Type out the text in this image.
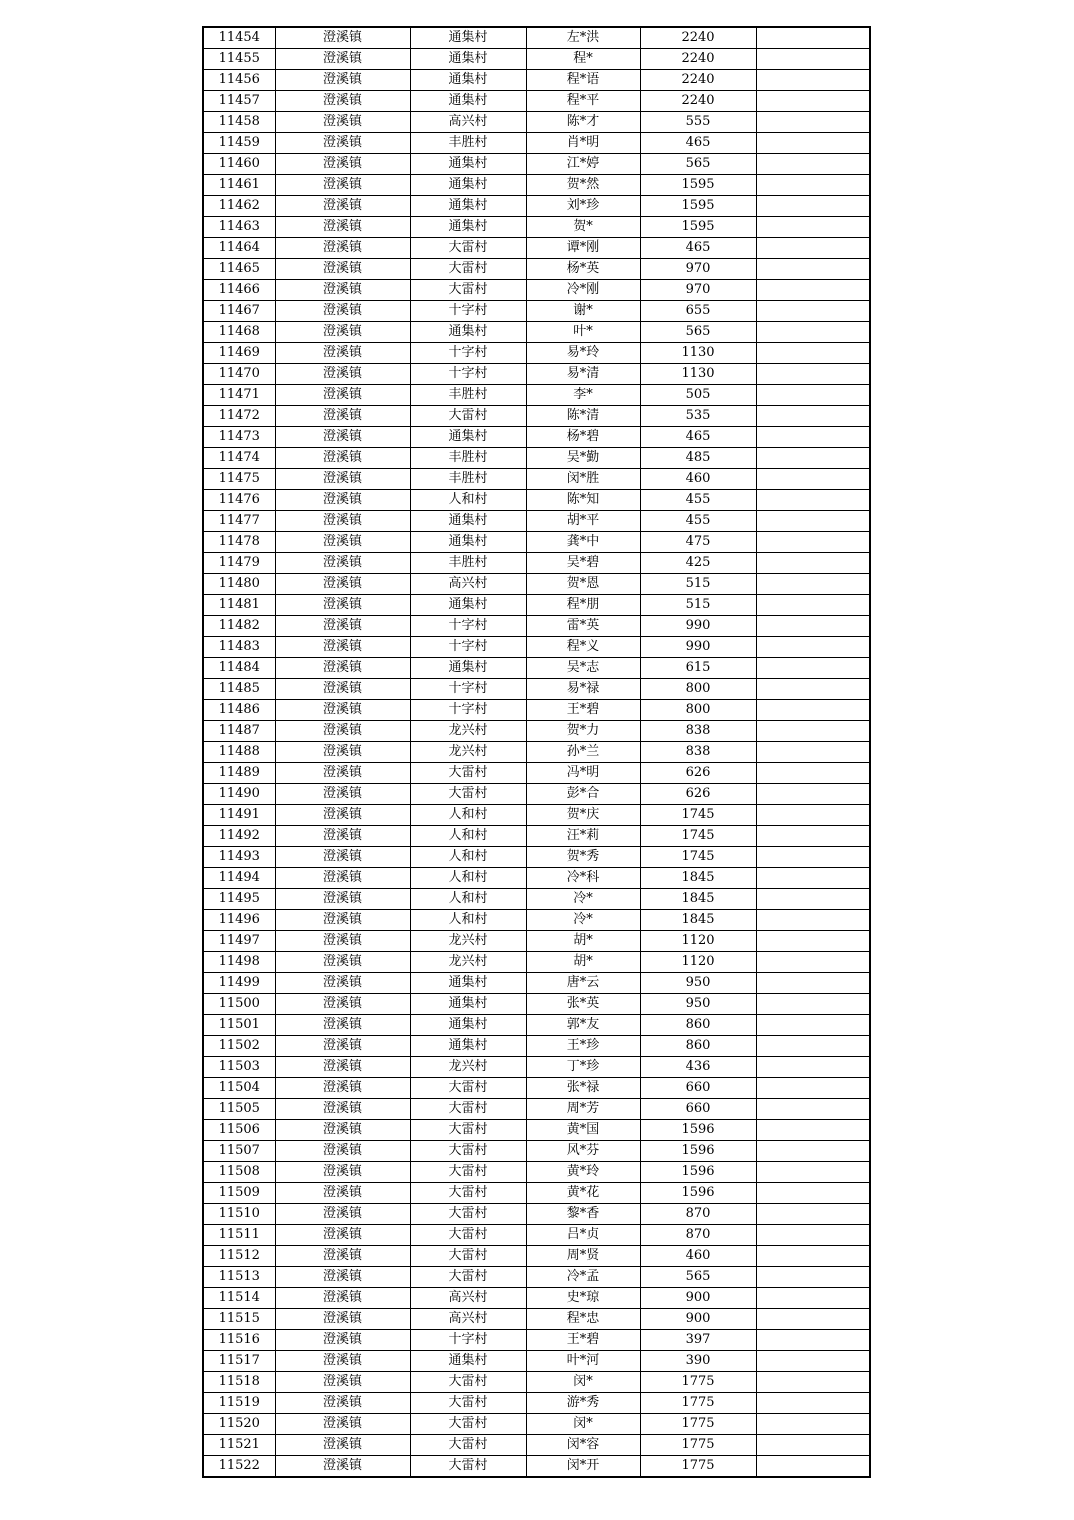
11454	澄溪镇	通集村	左*洪	2240	
11455	澄溪镇	通集村	程*	2240	
11456	澄溪镇	通集村	程*语	2240	
11457	澄溪镇	通集村	程*平	2240	
11458	澄溪镇	高兴村	陈*才	555	
11459	澄溪镇	丰胜村	肖*明	465	
11460	澄溪镇	通集村	江*婷	565	
11461	澄溪镇	通集村	贺*然	1595	
11462	澄溪镇	通集村	刘*珍	1595	
11463	澄溪镇	通集村	贺*	1595	
11464	澄溪镇	大雷村	谭*刚	465	
11465	澄溪镇	大雷村	杨*英	970	
11466	澄溪镇	大雷村	冷*刚	970	
11467	澄溪镇	十字村	谢*	655	
11468	澄溪镇	通集村	叶*	565	
11469	澄溪镇	十字村	易*玲	1130	
11470	澄溪镇	十字村	易*清	1130	
11471	澄溪镇	丰胜村	李*	505	
11472	澄溪镇	大雷村	陈*清	535	
11473	澄溪镇	通集村	杨*碧	465	
11474	澄溪镇	丰胜村	吴*勤	485	
11475	澄溪镇	丰胜村	闵*胜	460	
11476	澄溪镇	人和村	陈*知	455	
11477	澄溪镇	通集村	胡*平	455	
11478	澄溪镇	通集村	龚*中	475	
11479	澄溪镇	丰胜村	吴*碧	425	
11480	澄溪镇	高兴村	贺*恩	515	
11481	澄溪镇	通集村	程*朋	515	
11482	澄溪镇	十字村	雷*英	990	
11483	澄溪镇	十字村	程*义	990	
11484	澄溪镇	通集村	吴*志	615	
11485	澄溪镇	十字村	易*禄	800	
11486	澄溪镇	十字村	王*碧	800	
11487	澄溪镇	龙兴村	贺*力	838	
11488	澄溪镇	龙兴村	孙*兰	838	
11489	澄溪镇	大雷村	冯*明	626	
11490	澄溪镇	大雷村	彭*合	626	
11491	澄溪镇	人和村	贺*庆	1745	
11492	澄溪镇	人和村	汪*莉	1745	
11493	澄溪镇	人和村	贺*秀	1745	
11494	澄溪镇	人和村	冷*科	1845	
11495	澄溪镇	人和村	冷*	1845	
11496	澄溪镇	人和村	冷*	1845	
11497	澄溪镇	龙兴村	胡*	1120	
11498	澄溪镇	龙兴村	胡*	1120	
11499	澄溪镇	通集村	唐*云	950	
11500	澄溪镇	通集村	张*英	950	
11501	澄溪镇	通集村	郭*友	860	
11502	澄溪镇	通集村	王*珍	860	
11503	澄溪镇	龙兴村	丁*珍	436	
11504	澄溪镇	大雷村	张*禄	660	
11505	澄溪镇	大雷村	周*芳	660	
11506	澄溪镇	大雷村	黄*国	1596	
11507	澄溪镇	大雷村	风*芬	1596	
11508	澄溪镇	大雷村	黄*玲	1596	
11509	澄溪镇	大雷村	黄*花	1596	
11510	澄溪镇	大雷村	黎*香	870	
11511	澄溪镇	大雷村	吕*贞	870	
11512	澄溪镇	大雷村	周*贤	460	
11513	澄溪镇	大雷村	冷*孟	565	
11514	澄溪镇	高兴村	史*琼	900	
11515	澄溪镇	高兴村	程*忠	900	
11516	澄溪镇	十字村	王*碧	397	
11517	澄溪镇	通集村	叶*河	390	
11518	澄溪镇	大雷村	闵*	1775	
11519	澄溪镇	大雷村	游*秀	1775	
11520	澄溪镇	大雷村	闵*	1775	
11521	澄溪镇	大雷村	闵*容	1775	
11522	澄溪镇	大雷村	闵*开	1775	
